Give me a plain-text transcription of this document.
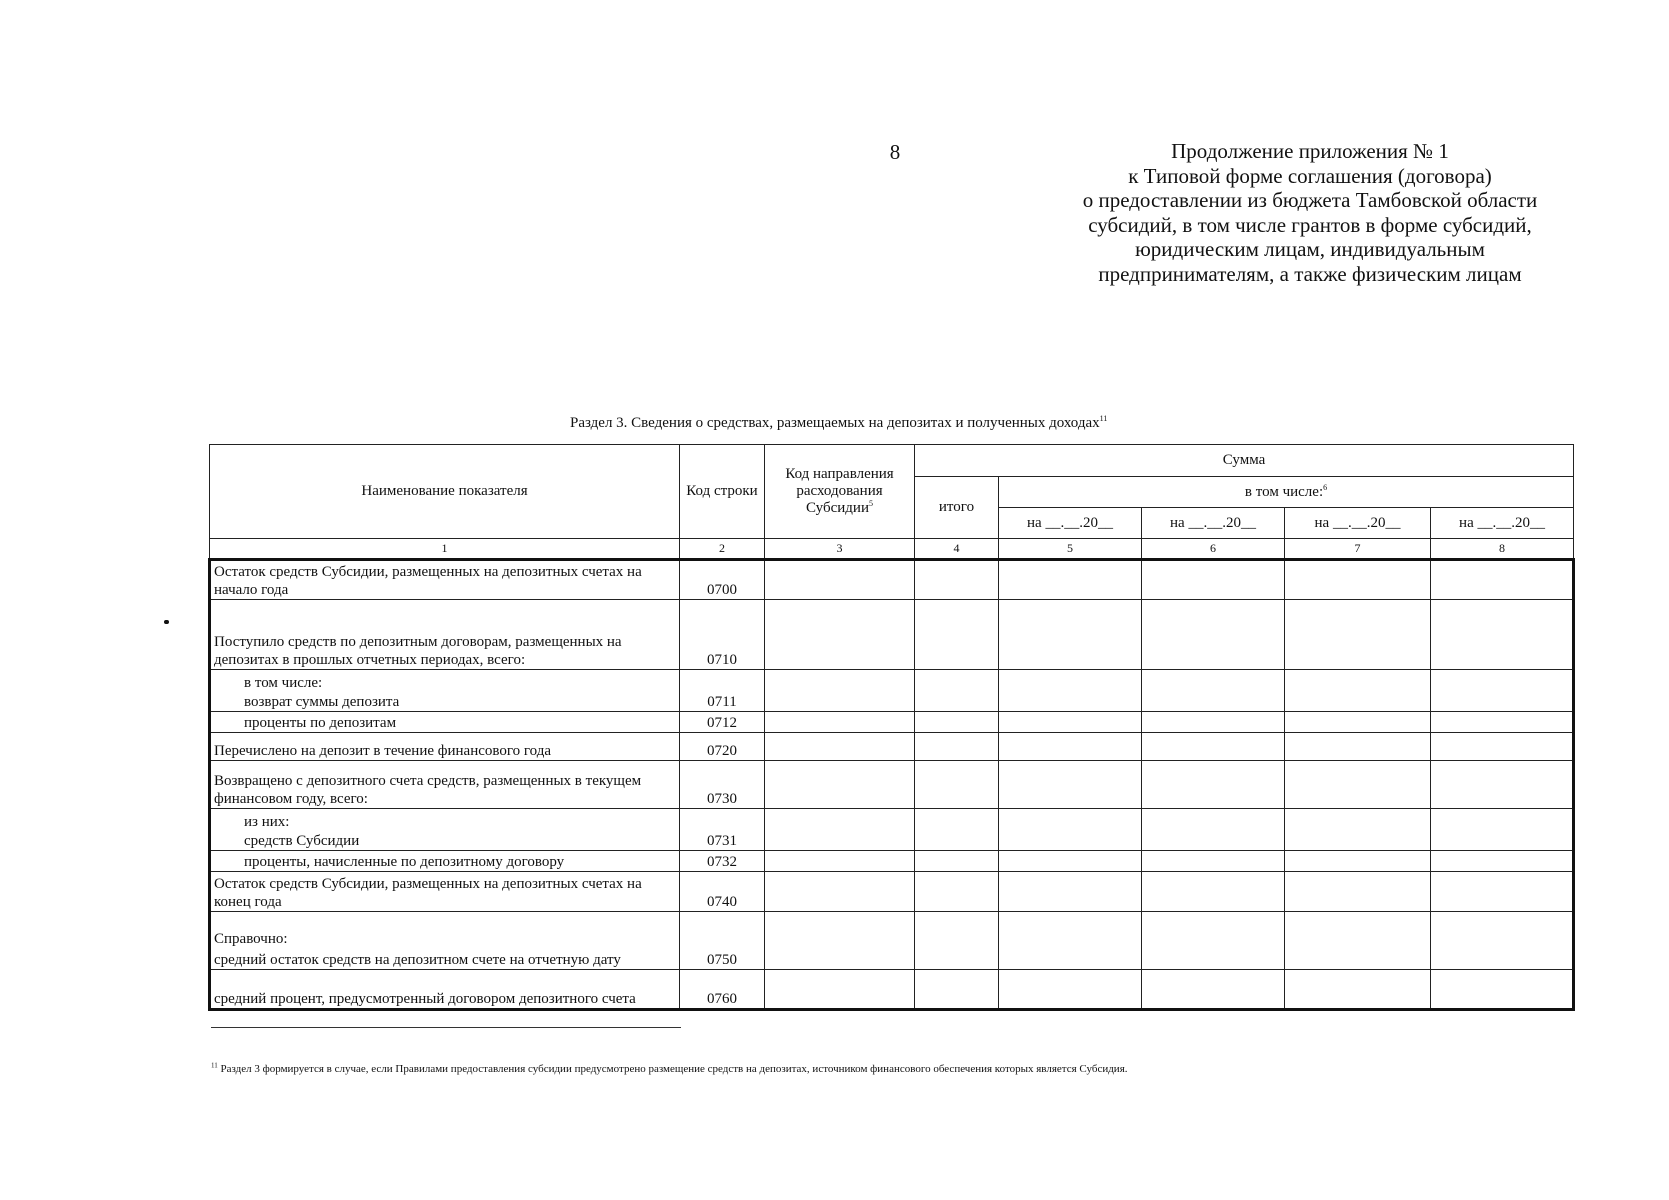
8	Продолжение приложения № 1
к Типовой форме соглашения (договора)
о предоставлении из бюджета Тамбовской области
субсидий, в том числе грантов в форме субсидий,
юридическим лицам, индивидуальным
предпринимателям, а также физическим лицам
Раздел 3. Сведения о средствах, размещаемых на депозитах и полученных доходах$^{11}$
Наименование показателя	Код строки	Код направления расходования Субсидии$^5$	Сумма				
			итого	в том числе:$^6$
				на __.__.20__	на __.__.20__	на __.__.20__	на __.__.20__
1	2	3	4	5	6	7	8
Остаток средств Субсидии, размещенных на депозитных счетах на начало года	0700						
Поступило средств по депозитным договорам, размещенных на депозитах в прошлых отчетных периодах, всего:	0710						
в том числе:							
возврат суммы депозита	0711						
проценты по депозитам	0712						
Перечислено на депозит в течение финансового года	0720						
Возвращено с депозитного счета средств, размещенных в текущем финансовом году, всего:	0730						
из них:							
средств Субсидии	0731						
проценты, начисленные по депозитному договору	0732						
Остаток средств Субсидии, размещенных на депозитных счетах на конец года	0740						
Справочно:							
средний остаток средств на депозитном счете на отчетную дату	0750						
средний процент, предусмотренный договором депозитного счета	0760						
$^{11}$ Раздел 3 формируется в случае, если Правилами предоставления субсидии предусмотрено размещение средств на депозитах, источником финансового обеспечения которых является Субсидия.
